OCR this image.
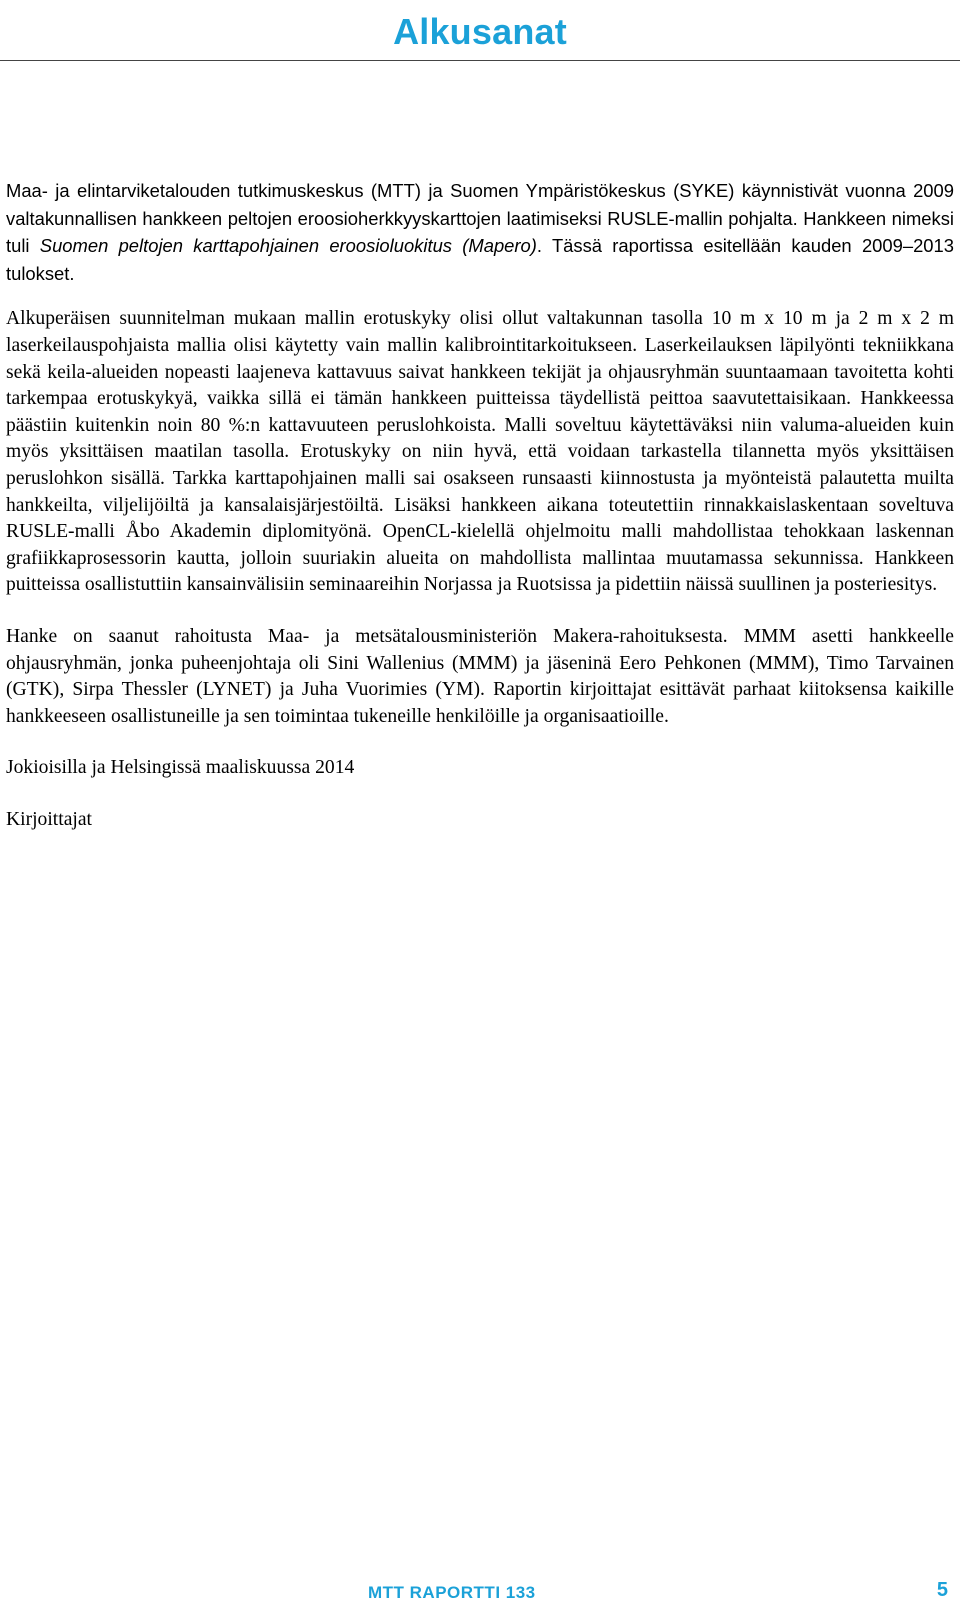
Alkusanat

Maa- ja elintarviketalouden tutkimuskeskus (MTT) ja Suomen Ympäristökeskus (SYKE) käynnistivät vuonna 2009 valtakunnallisen hankkeen peltojen eroosioherkkyyskarttojen laatimiseksi RUSLE-mallin pohjalta. Hankkeen nimeksi tuli Suomen peltojen karttapohjainen eroosioluokitus (Mapero). Tässä raportissa esitellään kauden 2009–2013 tulokset.

Alkuperäisen suunnitelman mukaan mallin erotuskyky olisi ollut valtakunnan tasolla 10 m x 10 m ja 2 m x 2 m laserkeilauspohjaista mallia olisi käytetty vain mallin kalibrointitarkoitukseen. Laserkeilauksen läpilyönti tekniikkana sekä keila-alueiden nopeasti laajeneva kattavuus saivat hankkeen tekijät ja ohjausryhmän suuntaamaan tavoitetta kohti tarkempaa erotuskykyä, vaikka sillä ei tämän hankkeen puitteissa täydellistä peittoa saavutettaisikaan. Hankkeessa päästiin kuitenkin noin 80 %:n kattavuuteen peruslohkoista. Malli soveltuu käytettäväksi niin valuma-alueiden kuin myös yksittäisen maatilan tasolla. Erotuskyky on niin hyvä, että voidaan tarkastella tilannetta myös yksittäisen peruslohkon sisällä. Tarkka karttapohjainen malli sai osakseen runsaasti kiinnostusta ja myönteistä palautetta muilta hankkeilta, viljelijöiltä ja kansalaisjärjestöiltä. Lisäksi hankkeen aikana toteutettiin rinnakkaislaskentaan soveltuva RUSLE-malli Åbo Akademin diplomityönä. OpenCL-kielellä ohjelmoitu malli mahdollistaa tehokkaan laskennan grafiikkaprosessorin kautta, jolloin suuriakin alueita on mahdollista mallintaa muutamassa sekunnissa. Hankkeen puitteissa osallistuttiin kansainvälisiin seminaareihin Norjassa ja Ruotsissa ja pidettiin näissä suullinen ja posteriesitys.

Hanke on saanut rahoitusta Maa- ja metsätalousministeriön Makera-rahoituksesta. MMM asetti hankkeelle ohjausryhmän, jonka puheenjohtaja oli Sini Wallenius (MMM) ja jäseninä Eero Pehkonen (MMM), Timo Tarvainen (GTK), Sirpa Thessler (LYNET) ja Juha Vuorimies (YM). Raportin kirjoittajat esittävät parhaat kiitoksensa kaikille hankkeeseen osallistuneille ja sen toimintaa tukeneille henkilöille ja organisaatioille.

Jokioisilla ja Helsingissä maaliskuussa 2014

Kirjoittajat

MTT RAPORTTI 133	5
